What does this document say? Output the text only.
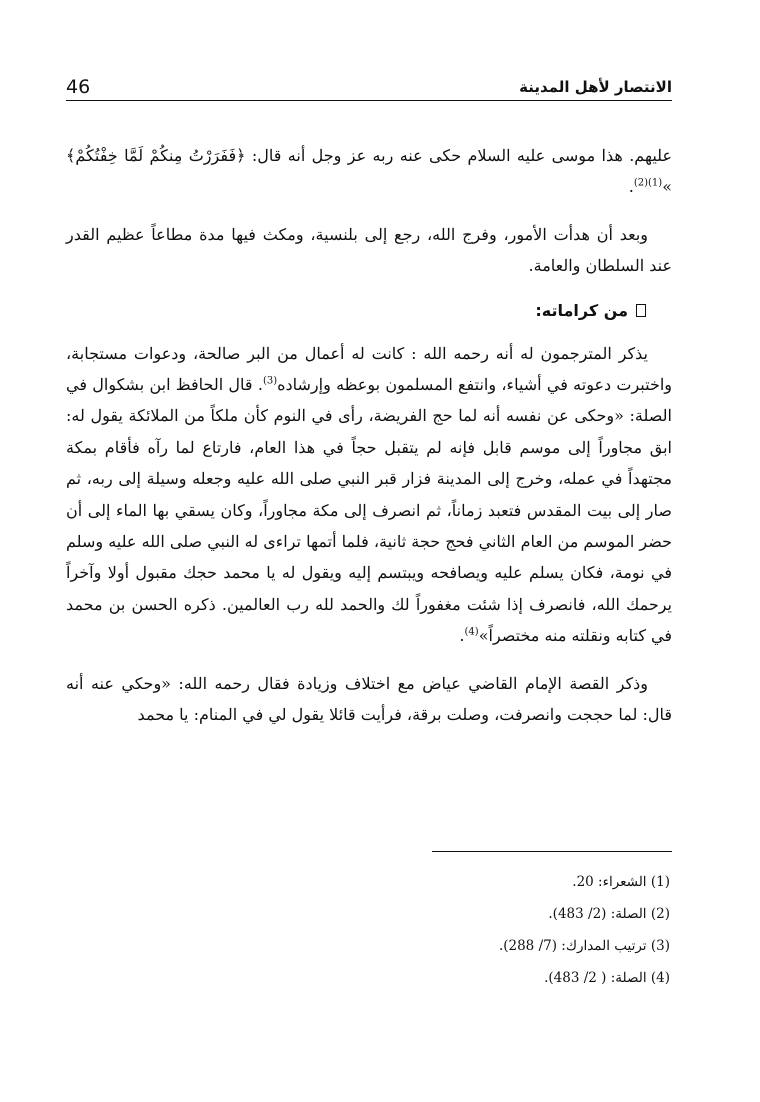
الانتصار لأهل المدينة
46

عليهم. هذا موسى عليه السلام حكى عنه ربه عز وجل أنه قال: ﴿فَفَرَرْتُ مِنكُمْ لَمَّا خِفْتُكُمْ﴾ »$^{(1)(2)}$.

وبعد أن هدأت الأمور، وفرج الله، رجع إلى بلنسية، ومكث فيها مدة مطاعاً عظيم القدر عند السلطان والعامة.

من كراماته:

يذكر المترجمون له أنه رحمه الله : كانت له أعمال من البر صالحة، ودعوات مستجابة، واختبرت دعوته في أشياء، وانتفع المسلمون بوعظه وإرشاده$^{(3)}$. قال الحافظ ابن بشكوال في الصلة: «وحكى عن نفسه أنه لما حج الفريضة، رأى في النوم كأن ملكاً من الملائكة يقول له: ابق مجاوراً إلى موسم قابل فإنه لم يتقبل حجاً في هذا العام، فارتاع لما رآه فأقام بمكة مجتهداً في عمله، وخرج إلى المدينة فزار قبر النبي صلى الله عليه وجعله وسيلة إلى ربه، ثم صار إلى بيت المقدس فتعبد زماناً، ثم انصرف إلى مكة مجاوراً، وكان يسقي بها الماء إلى أن حضر الموسم من العام الثاني فحج حجة ثانية، فلما أتمها تراءى له النبي صلى الله عليه وسلم في نومة، فكان يسلم عليه ويصافحه ويبتسم إليه ويقول له يا محمد حجك مقبول أولا وآخراً يرحمك الله، فانصرف إذا شئت مغفوراً لك والحمد لله رب العالمين. ذكره الحسن بن محمد في كتابه ونقلته منه مختصراً»$^{(4)}$.

وذكر القصة الإمام القاضي عياض مع اختلاف وزيادة فقال رحمه الله: «وحكي عنه أنه قال: لما حججت وانصرفت، وصلت برقة، فرأيت قائلا يقول لي في المنام: يا محمد

(1) الشعراء: 20.
(2) الصلة: (2/ 483).
(3) ترتيب المدارك: (7/ 288).
(4) الصلة: ( 2/ 483).
